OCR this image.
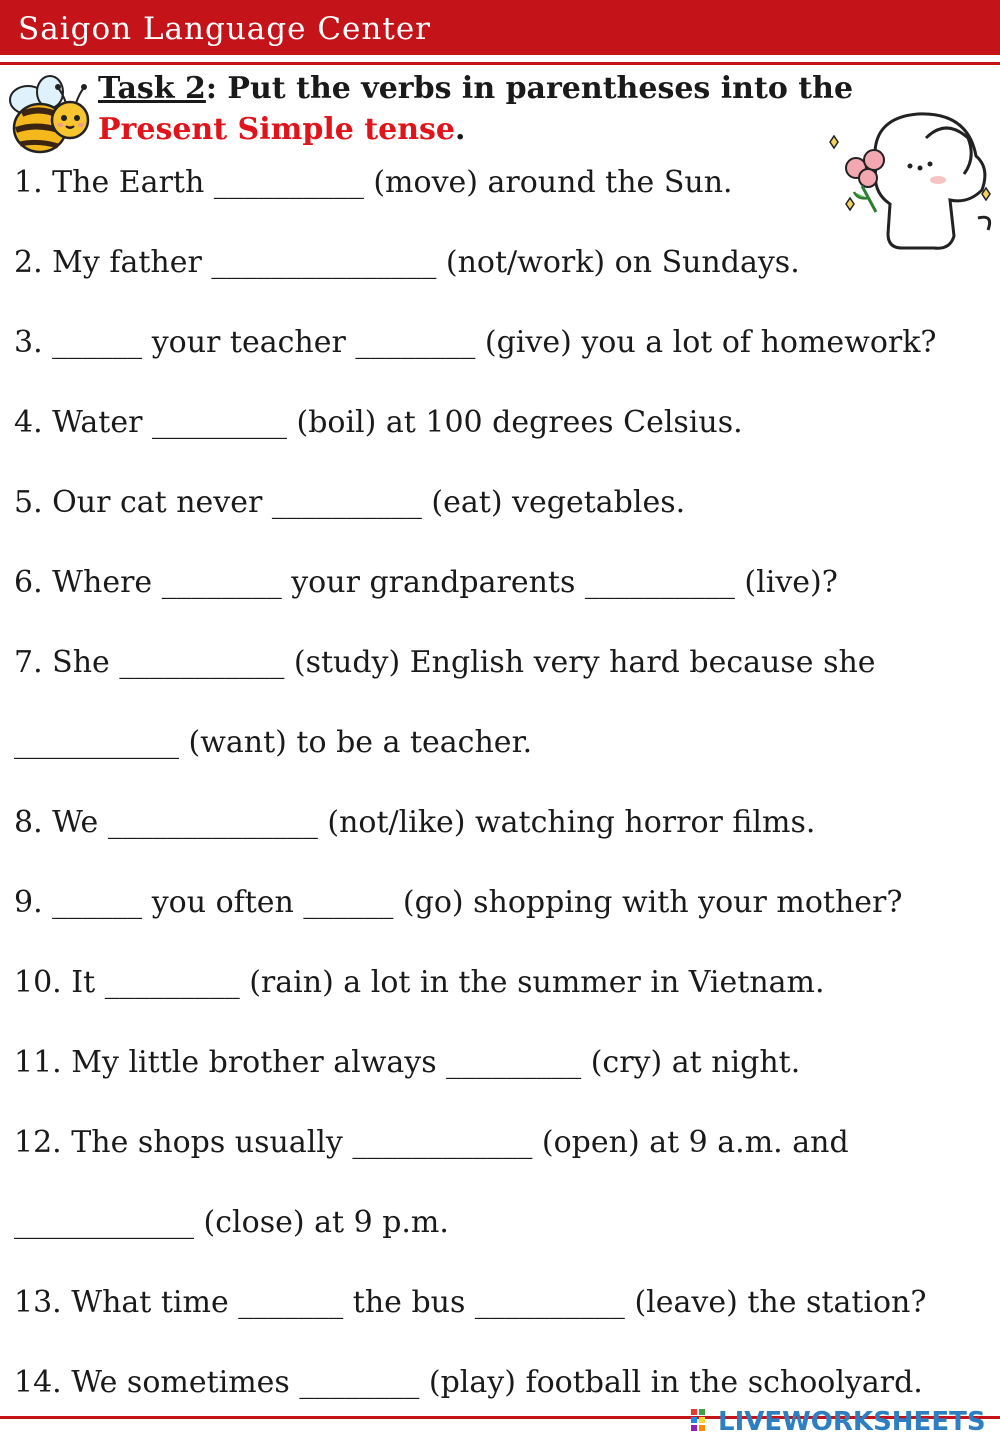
Saigon Language Center
Task 2: Put the verbs in parentheses into the
Present Simple tense.
1. The Earth __________ (move) around the Sun.
2. My father _______________ (not/work) on Sundays.
3. ______ your teacher ________ (give) you a lot of homework?
4. Water _________ (boil) at 100 degrees Celsius.
5. Our cat never __________ (eat) vegetables.
6. Where ________ your grandparents __________ (live)?
7. She ___________ (study) English very hard because she
___________ (want) to be a teacher.
8. We ______________ (not/like) watching horror films.
9. ______ you often ______ (go) shopping with your mother?
10. It _________ (rain) a lot in the summer in Vietnam.
11. My little brother always _________ (cry) at night.
12. The shops usually ____________ (open) at 9 a.m. and
____________ (close) at 9 p.m.
13. What time _______ the bus __________ (leave) the station?
14. We sometimes ________ (play) football in the schoolyard.
LIVEWORKSHEETS
